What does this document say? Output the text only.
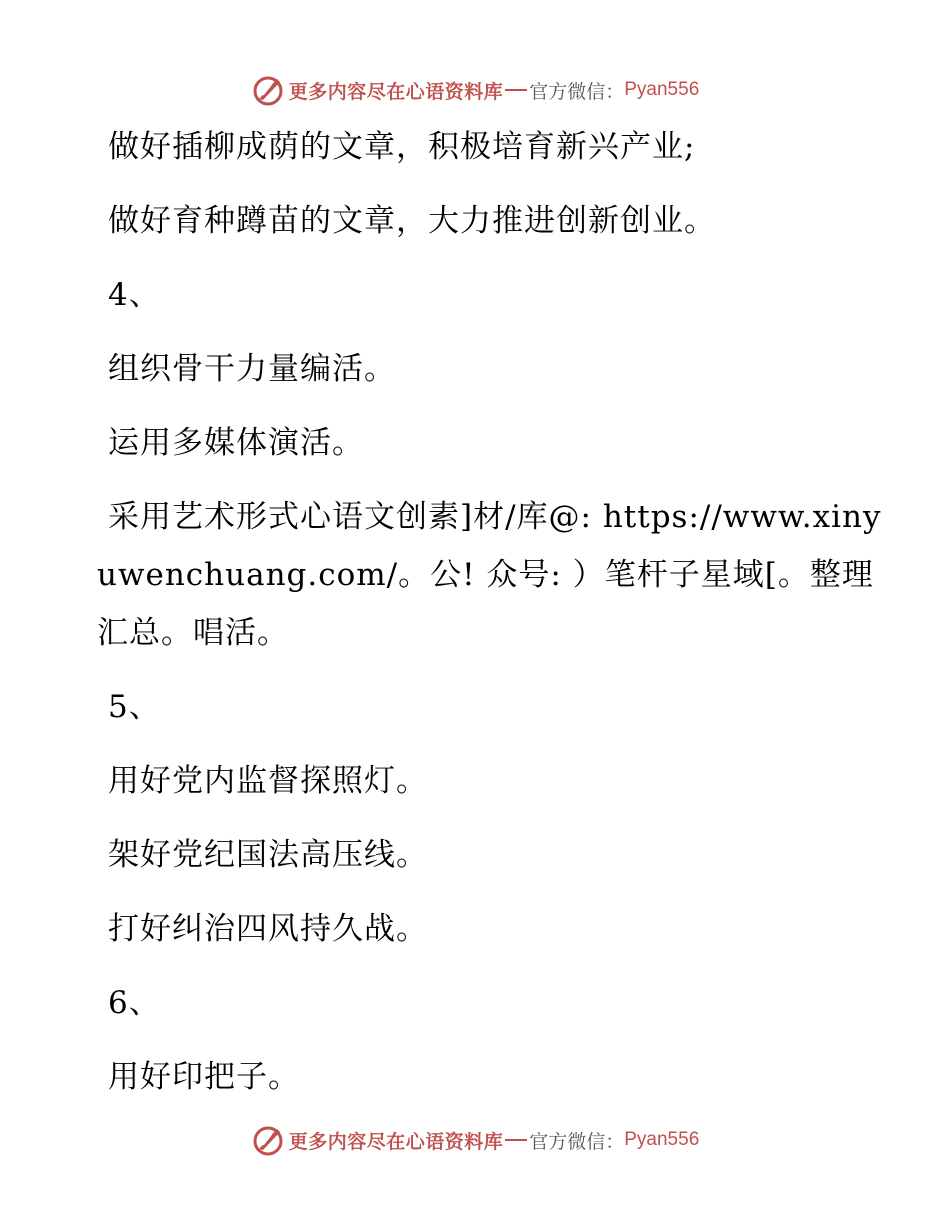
更多内容尽在心语资料库 官方微信： Pyan556
做好插柳成荫的文章，积极培育新兴产业;
做好育种蹲苗的文章，大力推进创新创业。
4、
组织骨干力量编活。
运用多媒体演活。
采用艺术形式心语文创素]材/库@: https://www.xinyuwenchuang.com/。公! 众号: ）笔杆子星域[。整理汇总。唱活。
5、
用好党内监督探照灯。
架好党纪国法高压线。
打好纠治四风持久战。
6、
用好印把子。
更多内容尽在心语资料库 官方微信： Pyan556
